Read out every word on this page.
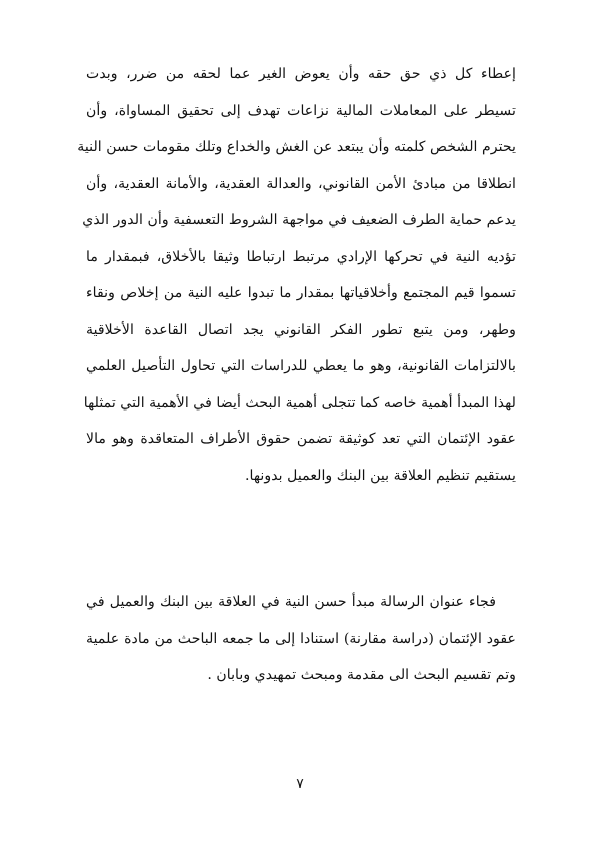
إعطاء كل ذي حق حقه وأن يعوض الغير عما لحقه من ضرر، وبدت
تسيطر على المعاملات المالية نزاعات تهدف إلى تحقيق المساواة، وأن
يحترم الشخص كلمته وأن يبتعد عن الغش والخداع وتلك مقومات حسن النية
انطلاقا من مبادئ الأمن القانوني، والعدالة العقدية، والأمانة العقدية، وأن
يدعم حماية الطرف الضعيف في مواجهة الشروط التعسفية وأن الدور الذي
تؤديه النية في تحركها الإرادي مرتبط ارتباطا وثيقا بالأخلاق، فبمقدار ما
تسموا قيم المجتمع وأخلاقياتها بمقدار ما تبدوا عليه النية من إخلاص ونقاء
وطهر، ومن يتبع تطور الفكر القانوني يجد اتصال القاعدة الأخلاقية
بالالتزامات القانونية، وهو ما يعطي للدراسات التي تحاول التأصيل العلمي
لهذا المبدأ أهمية خاصه كما تتجلى أهمية البحث أيضا في الأهمية التي تمثلها
عقود الإئتمان التي تعد كوثيقة تضمن حقوق الأطراف المتعاقدة وهو مالا
يستقيم تنظيم العلاقة بين البنك والعميل بدونها.
فجاء عنوان الرسالة مبدأ حسن النية في العلاقة بين البنك والعميل في
عقود الإئتمان (دراسة مقارنة) استنادا إلى ما جمعه الباحث من مادة علمية
وتم تقسيم البحث الى مقدمة ومبحث تمهيدي وبابان .
٧
